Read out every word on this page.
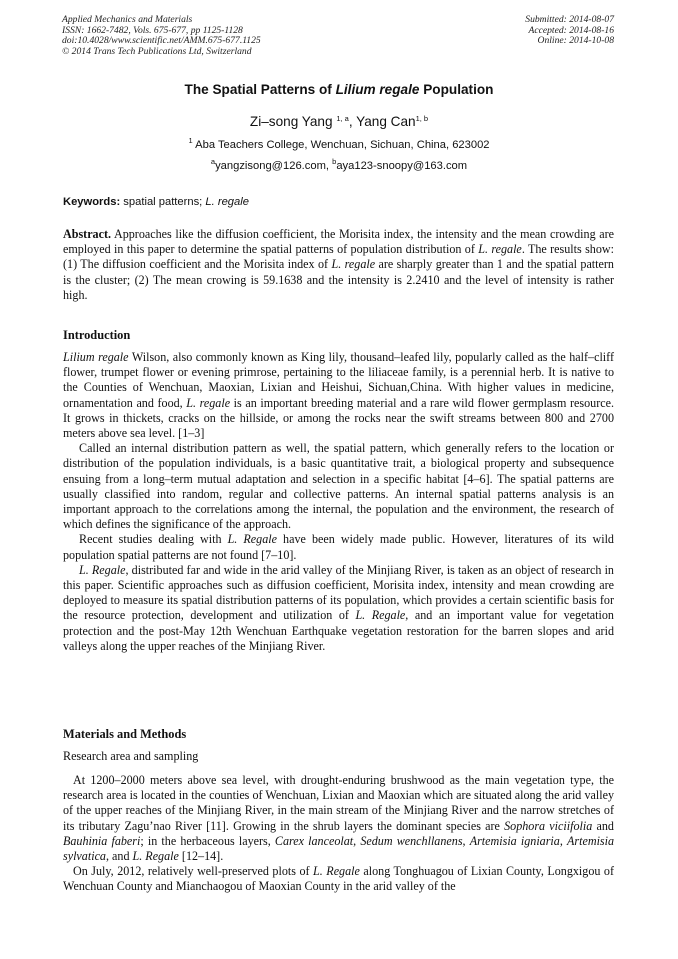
Applied Mechanics and Materials
ISSN: 1662-7482, Vols. 675-677, pp 1125-1128
doi:10.4028/www.scientific.net/AMM.675-677.1125
© 2014 Trans Tech Publications Ltd, Switzerland
Submitted: 2014-08-07
Accepted: 2014-08-16
Online: 2014-10-08
The Spatial Patterns of Lilium regale Population
Zi–song Yang $^{1, a}$, Yang Can$^{1, b}$
$^1$ Aba Teachers College, Wenchuan, Sichuan, China, 623002
$^a$yangzisong@126.com, $^b$aya123-snoopy@163.com
Keywords: spatial patterns; L. regale

Abstract. Approaches like the diffusion coefficient, the Morisita index, the intensity and the mean crowding are employed in this paper to determine the spatial patterns of population distribution of L. regale. The results show: (1) The diffusion coefficient and the Morisita index of L. regale are sharply greater than 1 and the spatial pattern is the cluster; (2) The mean crowing is 59.1638 and the intensity is 2.2410 and the level of intensity is rather high.

Introduction

Lilium regale Wilson, also commonly known as King lily, thousand–leafed lily, popularly called as the half–cliff flower, trumpet flower or evening primrose, pertaining to the liliaceae family, is a perennial herb. It is native to the Counties of Wenchuan, Maoxian, Lixian and Heishui, Sichuan,China. With higher values in medicine, ornamentation and food, L. regale is an important breeding material and a rare wild flower germplasm resource. It grows in thickets, cracks on the hillside, or among the rocks near the swift streams between 800 and 2700 meters above sea level. [1–3]

Called an internal distribution pattern as well, the spatial pattern, which generally refers to the location or distribution of the population individuals, is a basic quantitative trait, a biological property and subsequence ensuing from a long–term mutual adaptation and selection in a specific habitat [4–6]. The spatial patterns are usually classified into random, regular and collective patterns. An internal spatial patterns analysis is an important approach to the correlations among the internal, the population and the environment, the research of which defines the significance of the approach.

Recent studies dealing with L. Regale have been widely made public. However, literatures of its wild population spatial patterns are not found [7–10].

L. Regale, distributed far and wide in the arid valley of the Minjiang River, is taken as an object of research in this paper. Scientific approaches such as diffusion coefficient, Morisita index, intensity and mean crowding are deployed to measure its spatial distribution patterns of its population, which provides a certain scientific basis for the resource protection, development and utilization of L. Regale, and an important value for vegetation protection and the post-May 12th Wenchuan Earthquake vegetation restoration for the barren slopes and arid valleys along the upper reaches of the Minjiang River.

Materials and Methods
Research area and sampling

At 1200–2000 meters above sea level, with drought-enduring brushwood as the main vegetation type, the research area is located in the counties of Wenchuan, Lixian and Maoxian which are situated along the arid valley of the upper reaches of the Minjiang River, in the main stream of the Minjiang River and the narrow stretches of its tributary Zagu’nao River [11]. Growing in the shrub layers the dominant species are Sophora viciifolia and Bauhinia faberi; in the herbaceous layers, Carex lanceolat, Sedum wenchllanens, Artemisia igniaria, Artemisia sylvatica, and L. Regale [12–14].

On July, 2012, relatively well-preserved plots of L. Regale along Tonghuagou of Lixian County, Longxigou of Wenchuan County and Mianchaogou of Maoxian County in the arid valley of the
